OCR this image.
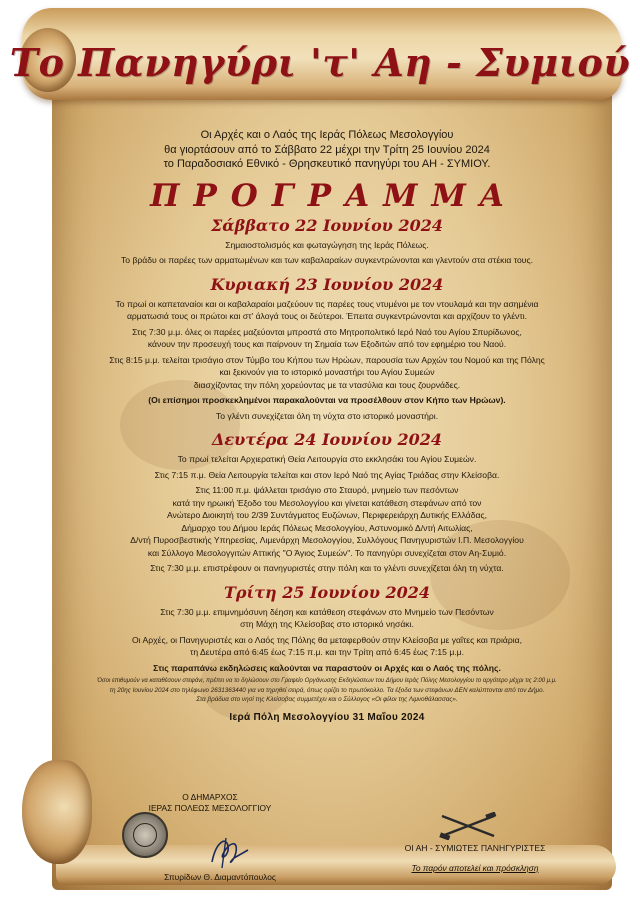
Το Πανηγύρι 'τ' Αη - Συμιού

Οι Αρχές και ο Λαός της Ιεράς Πόλεως Μεσολογγίου

θα γιορτάσουν από το Σάββατο 22 μέχρι την Τρίτη 25 Ιουνίου 2024

το Παραδοσιακό Εθνικό - Θρησκευτικό πανηγύρι του ΑΗ - ΣΥΜΙΟΥ.

ΠΡΟΓΡΑΜΜΑ
Σάββατο 22 Ιουνίου 2024
Σημαιοστολισμός και φωταγώγηση της Ιεράς Πόλεως.
Το βράδυ οι παρέες των αρματωμένων και των καβαλαραίων συγκεντρώνονται και γλεντούν στα στέκια τους.
Κυριακή 23 Ιουνίου 2024
Το πρωί οι καπεταναίοι και οι καβαλαραίοι μαζεύουν τις παρέες τους ντυμένοι με τον ντουλαμά και την ασημένια
αρματωσιά τους οι πρώτοι και στ' άλογά τους οι δεύτεροι. Έπειτα συγκεντρώνονται και αρχίζουν το γλέντι.
Στις 7:30 μ.μ. όλες οι παρέες μαζεύονται μπροστά στο Μητροπολιτικό Ιερό Ναό του Αγίου Σπυρίδωνος,
κάνουν την προσευχή τους και παίρνουν τη Σημαία των Εξοδιτών από τον εφημέριο του Ναού.
Στις 8:15 μ.μ. τελείται τρισάγιο στον Τύμβο του Κήπου των Ηρώων, παρουσία των Αρχών του Νομού και της Πόλης
και ξεκινούν για το ιστορικό μοναστήρι του Αγίου Συμεών
διασχίζοντας την πόλη χορεύοντας με τα ντασύλια και τους ζουρνάδες.
(Οι επίσημοι προσκεκλημένοι παρακαλούνται να προσέλθουν στον Κήπο των Ηρώων).
Το γλέντι συνεχίζεται όλη τη νύχτα στο ιστορικό μοναστήρι.
Δευτέρα 24 Ιουνίου 2024
Το πρωί τελείται Αρχιερατική Θεία Λειτουργία στο εκκλησάκι του Αγίου Συμεών.
Στις 7:15 π.μ. Θεία Λειτουργία τελείται και στον Ιερό Ναό της Αγίας Τριάδας στην Κλείσοβα.
Στις 11:00 π.μ. ψάλλεται τρισάγιο στο Σταυρό, μνημείο των πεσόντων
κατά την ηρωική Έξοδο του Μεσολογγίου και γίνεται κατάθεση στεφάνων από τον
Ανώτερο Διοικητή του 2/39 Συντάγματος Ευζώνων, Περιφερειάρχη Δυτικής Ελλάδας,
Δήμαρχο του Δήμου Ιεράς Πόλεως Μεσολογγίου, Αστυνομικό Δ/ντή Αιτωλίας,
Δ/ντή Πυροσβεστικής Υπηρεσίας, Λιμενάρχη Μεσολογγίου, Συλλόγους Πανηγυριστών Ι.Π. Μεσολογγίου
και Σύλλογο Μεσολογγιτών Αττικής "Ο Άγιος Συμεών". Το πανηγύρι συνεχίζεται στον Αη-Συμιό.
Στις 7:30 μ.μ. επιστρέφουν οι πανηγυριστές στην πόλη και το γλέντι συνεχίζεται όλη τη νύχτα.
Τρίτη 25 Ιουνίου 2024
Στις 7:30 μ.μ. επιμνημόσυνη δέηση και κατάθεση στεφάνων στο Μνημείο των Πεσόντων
στη Μάχη της Κλείσοβας στο ιστορικό νησάκι.
Οι Αρχές, οι Πανηγυριστές και ο Λαός της Πόλης θα μεταφερθούν στην Κλείσοβα με γαΐτες και πριάρια,
τη Δευτέρα από 6:45 έως 7:15 π.μ. και την Τρίτη από 6:45 έως 7:15 μ.μ.
Στις παραπάνω εκδηλώσεις καλούνται να παραστούν οι Αρχές και ο Λαός της πόλης.
Όσοι επιθυμούν να καταθέσουν στεφάνι, πρέπει να το δηλώσουν στο Γραφείο Οργάνωσης Εκδηλώσεων του Δήμου Ιεράς Πόλης Μεσολογγίου το αργότερο μέχρι τις 2:00 μ.μ.
τη 20ης Ιουνίου 2024 στο τηλέφωνο 2631363440 για να τηρηθεί σειρά, όπως ορίζει το πρωτόκολλο. Τα έξοδα των στεφάνων ΔΕΝ καλύπτονται από τον Δήμο.
Στα βράδυα στο νησί της Κλείσοβας συμμετέχει και ο Σύλλογος «Οι φίλοι της Λιμνοθάλασσας».
Ιερά Πόλη Μεσολογγίου 31 Μαΐου 2024
Ο ΔΗΜΑΡΧΟΣ
ΙΕΡΑΣ ΠΟΛΕΩΣ ΜΕΣΟΛΟΓΓΙΟΥ
Σπυρίδων Θ. Διαμαντόπουλος
ΟΙ ΑΗ - ΣΥΜΙΩΤΕΣ ΠΑΝΗΓΥΡΙΣΤΕΣ
Το παρόν αποτελεί και πρόσκληση
